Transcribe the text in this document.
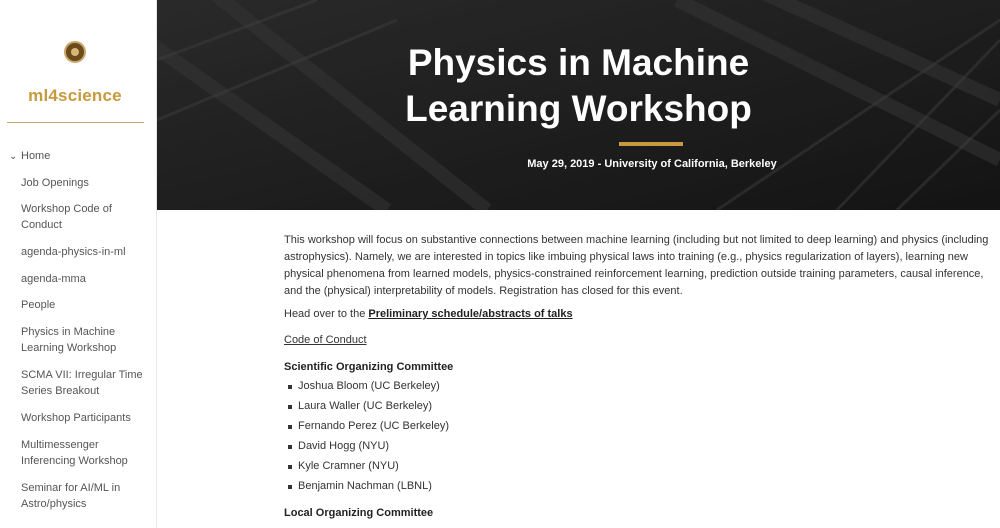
ml4science
⌄ Home
Job Openings
Workshop Code of Conduct
agenda-physics-in-ml
agenda-mma
People
Physics in Machine Learning Workshop
SCMA VII: Irregular Time Series Breakout
Workshop Participants
Multimessenger Inferencing Workshop
Seminar for AI/ML in Astro/physics
Physics in Machine
Learning Workshop
May 29, 2019 - University of California, Berkeley

This workshop will focus on substantive connections between machine learning (including but not limited to deep learning) and physics (including astrophysics). Namely, we are interested in topics like imbuing physical laws into training (e.g., physics regularization of layers), learning new physical phenomena from learned models, physics-constrained reinforcement learning, prediction outside training parameters, causal inference, and the (physical) interpretability of models. Registration has closed for this event.

Head over to the Preliminary schedule/abstracts of talks

Code of Conduct

Scientific Organizing Committee
Joshua Bloom (UC Berkeley)
Laura Waller (UC Berkeley)
Fernando Perez (UC Berkeley)
David Hogg (NYU)
Kyle Cramner (NYU)
Benjamin Nachman (LBNL)
Local Organizing Committee
